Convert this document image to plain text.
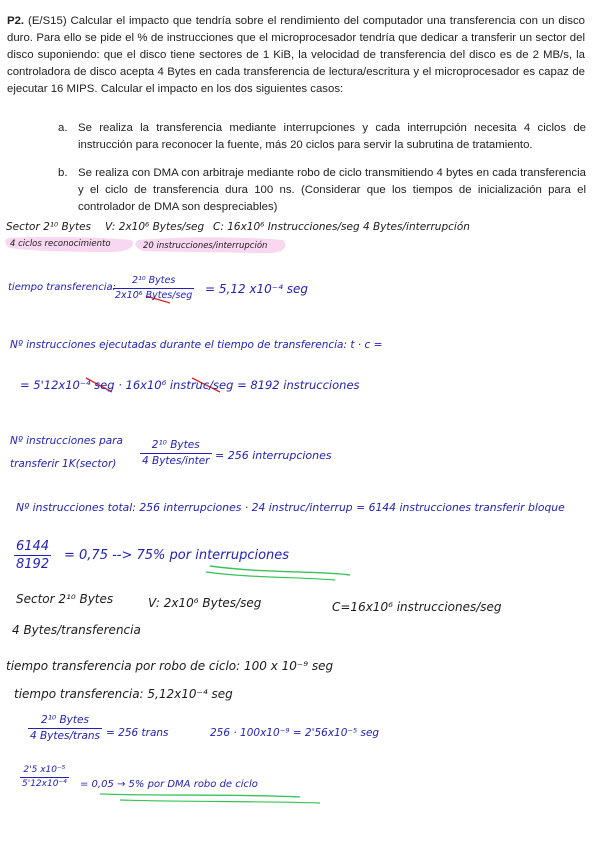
P2. (E/S15) Calcular el impacto que tendría sobre el rendimiento del computador una transferencia con un disco duro. Para ello se pide el % de instrucciones que el microprocesador tendría que dedicar a transferir un sector del disco suponiendo: que el disco tiene sectores de 1 KiB, la velocidad de transferencia del disco es de 2 MB/s, la controladora de disco acepta 4 Bytes en cada transferencia de lectura/escritura y el microprocesador es capaz de ejecutar 16 MIPS. Calcular el impacto en los dos siguientes casos:
a. Se realiza la transferencia mediante interrupciones y cada interrupción necesita 4 ciclos de instrucción para reconocer la fuente, más 20 ciclos para servir la subrutina de tratamiento.
b. Se realiza con DMA con arbitraje mediante robo de ciclo transmitiendo 4 bytes en cada transferencia y el ciclo de transferencia dura 100 ns. (Considerar que los tiempos de inicialización para el controlador de DMA son despreciables)
Sector 2¹⁰ Bytes V: 2x10⁶ Bytes/seg C: 16x10⁶ Instrucciones/seg 4 Bytes/interrupción
4 ciclos reconocimiento	20 instrucciones/interrupción
tiempo transferencia:
2¹⁰ Bytes
2x10⁶ Bytes/seg = 5,12 x10⁻⁴ seg
Nº instrucciones ejecutadas durante el tiempo de transferencia: t · c =
= 5'12x10⁻⁴ seg · 16x10⁶ instruc/seg = 8192 instrucciones
Nº instrucciones para
transferir 1K(sector)
2¹⁰ Bytes
4 Bytes/inter = 256 interrupciones
Nº instrucciones total: 256 interrupciones · 24 instruc/interrup = 6144 instrucciones transferir bloque
$\frac{6144}{8192} = 0,75$ --> 75% por interrupciones
Sector 2¹⁰ Bytes	V: 2x10⁶ Bytes/seg	C=16x10⁶ instrucciones/seg
4 Bytes/transferencia
tiempo transferencia por robo de ciclo: 100 x 10⁻⁹ seg
tiempo transferencia: 5,12x10⁻⁴ seg
2¹⁰ Bytes
4 Bytes/trans = 256 trans	256 · 100x10⁻⁹ = 2'56x10⁻⁵ seg
$\frac{\text{2'5 x10⁻⁵}}{\text{5'12x10⁻⁴}} = 0,05 \to 5\%$ por DMA robo de ciclo
